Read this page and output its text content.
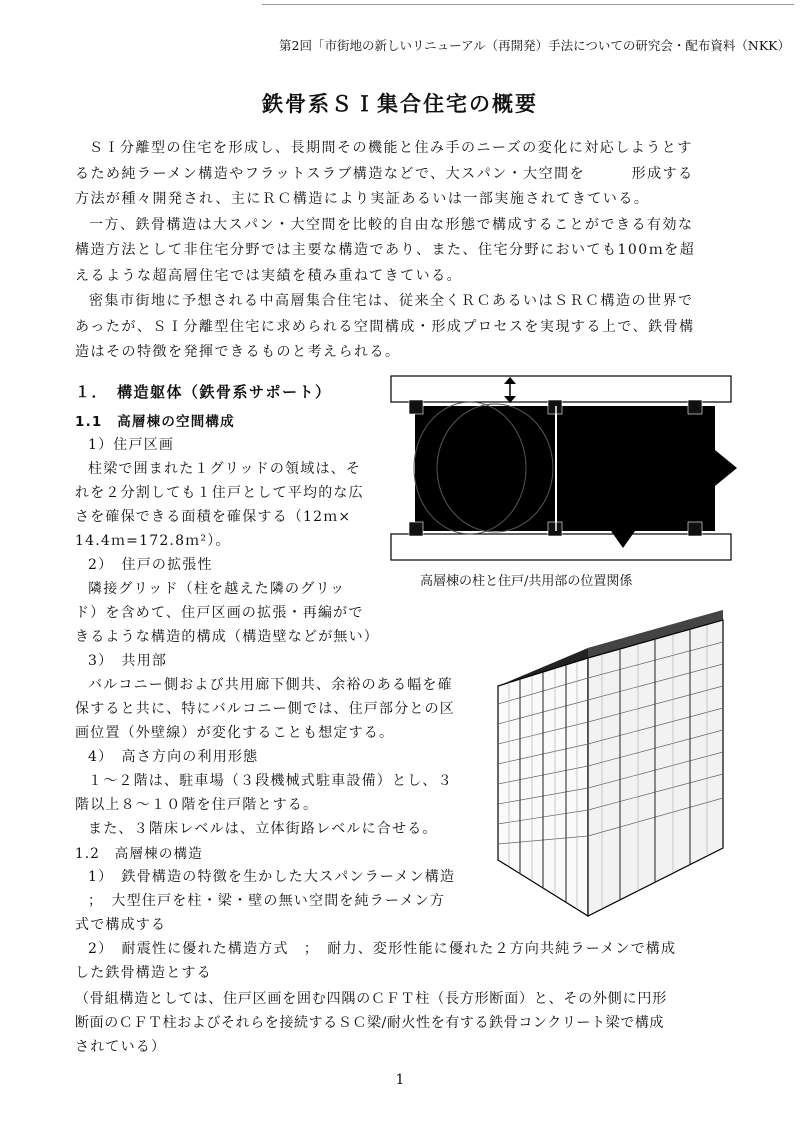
第2回「市街地の新しいリニューアル（再開発）手法についての研究会・配布資料（NKK）
鉄骨系ＳＩ集合住宅の概要

ＳＩ分離型の住宅を形成し、長期間その機能と住み手のニーズの変化に対応しようとす

るため純ラーメン構造やフラットスラブ構造などで、大スパン・大空間を　　　形成する

方法が種々開発され、主にＲＣ構造により実証あるいは一部実施されてきている。

一方、鉄骨構造は大スパン・大空間を比較的自由な形態で構成することができる有効な

構造方法として非住宅分野では主要な構造であり、また、住宅分野においても100ｍを超

えるような超高層住宅では実績を積み重ねてきている。

密集市街地に予想される中高層集合住宅は、従来全くＲＣあるいはＳＲＣ構造の世界で

あったが、ＳＩ分離型住宅に求められる空間構成・形成プロセスを実現する上で、鉄骨構

造はその特徴を発揮できるものと考えられる。

１．　構造躯体（鉄骨系サポート）
1.1　高層棟の空間構成
1）住戸区画
柱梁で囲まれた１グリッドの領域は、そ
れを２分割しても１住戸として平均的な広
さを確保できる面積を確保する（12ｍ×
14.4ｍ=172.8ｍ²）。
2）　住戸の拡張性
隣接グリッド（柱を越えた隣のグリッ
ド）を含めて、住戸区画の拡張・再編がで
きるような構造的構成（構造壁などが無い）
3）　共用部
バルコニー側および共用廊下側共、余裕のある幅を確
保すると共に、特にバルコニー側では、住戸部分との区
画位置（外壁線）が変化することも想定する。
4）　高さ方向の利用形態
１～２階は、駐車場（３段機械式駐車設備）とし、３
階以上８～１０階を住戸階とする。
また、３階床レベルは、立体街路レベルに合せる。
1.2　高層棟の構造
1）　鉄骨構造の特徴を生かした大スパンラーメン構造
；　大型住戸を柱・梁・壁の無い空間を純ラーメン方
式で構成する
2）　耐震性に優れた構造方式　；　耐力、変形性能に優れた２方向共純ラーメンで構成
した鉄骨構造とする
（骨組構造としては、住戸区画を囲む四隅のＣＦＴ柱（長方形断面）と、その外側に円形
断面のＣＦＴ柱およびそれらを接続するＳＣ梁/耐火性を有する鉄骨コンクリート梁で構成
されている）
高層棟の柱と住戸/共用部の位置関係
1
